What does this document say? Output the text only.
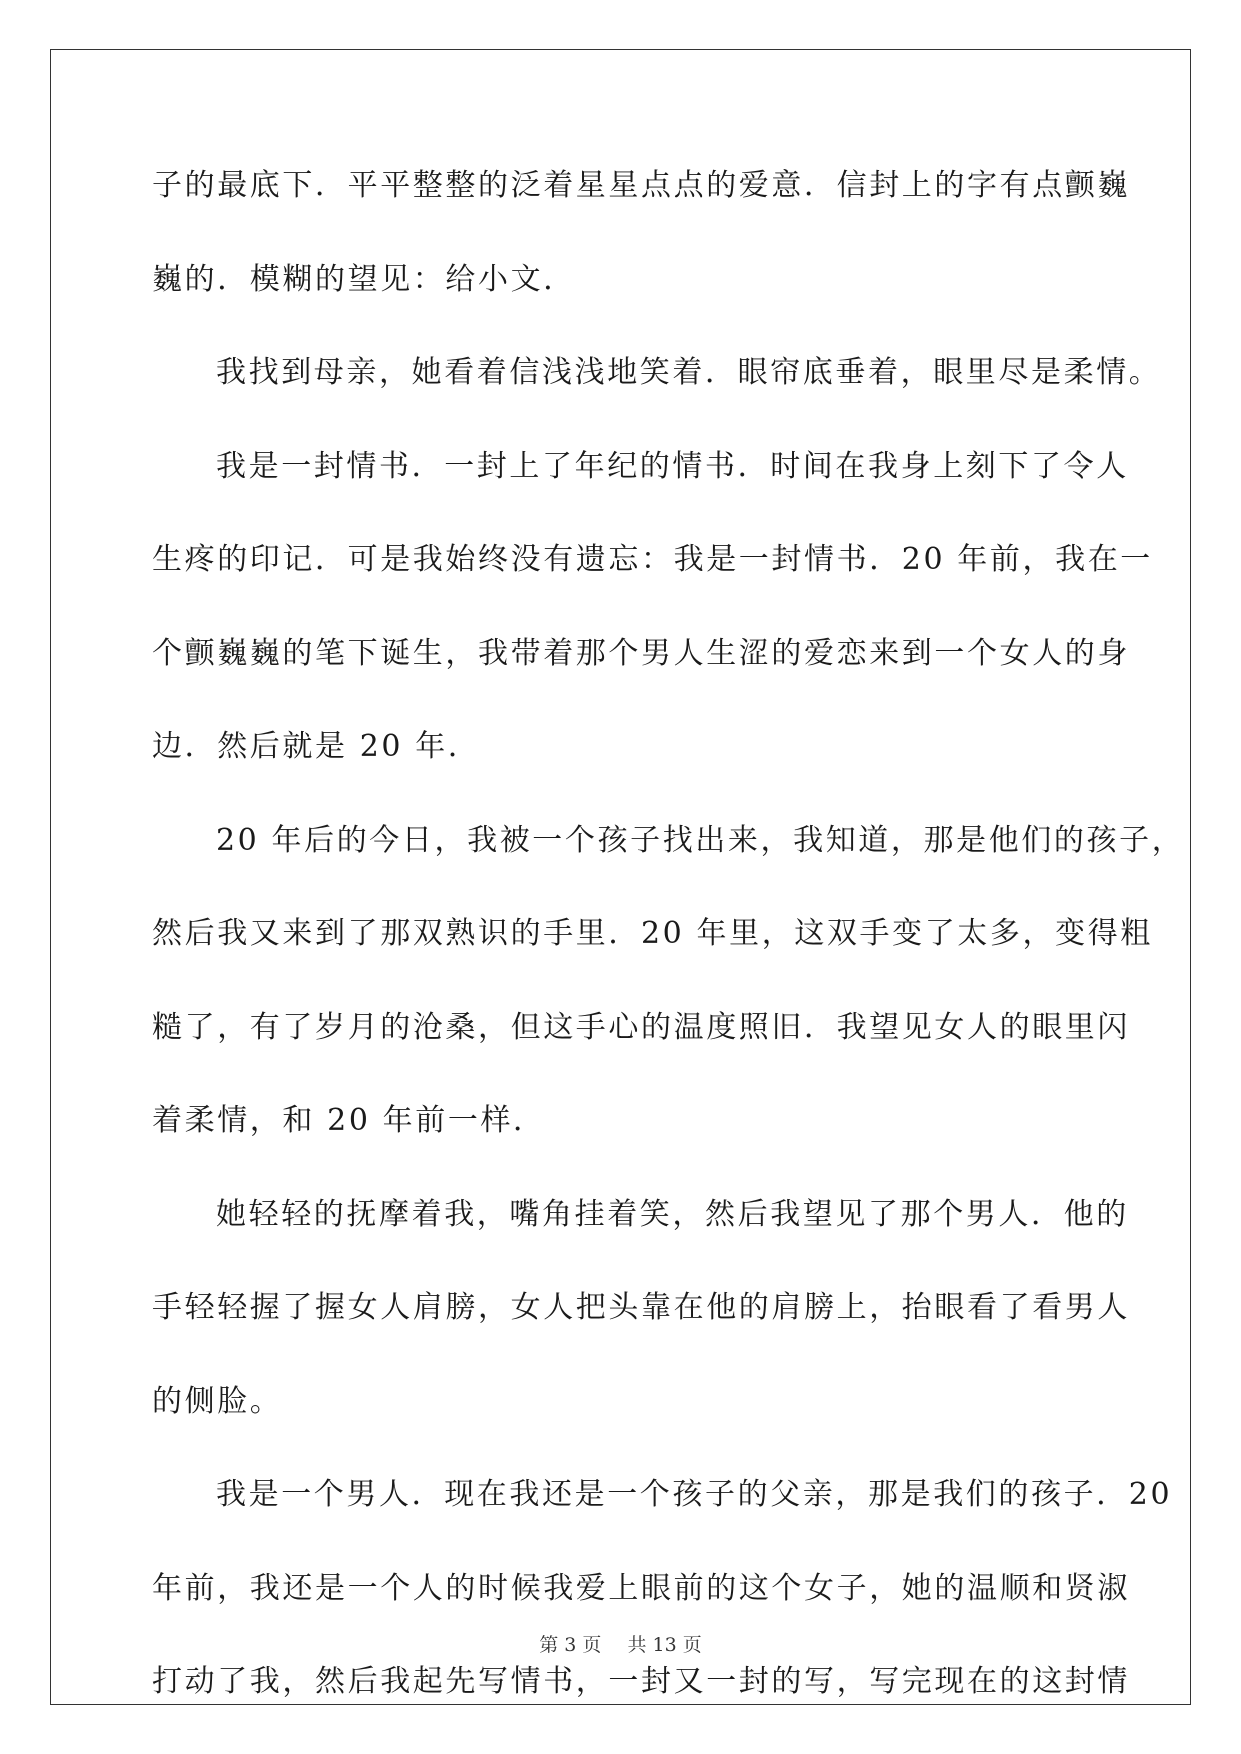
子的最底下．平平整整的泛着星星点点的爱意．信封上的字有点颤巍
巍的．模糊的望见：给小文．
我找到母亲，她看着信浅浅地笑着．眼帘底垂着，眼里尽是柔情。
我是一封情书．一封上了年纪的情书．时间在我身上刻下了令人
生疼的印记．可是我始终没有遗忘：我是一封情书．20 年前，我在一
个颤巍巍的笔下诞生，我带着那个男人生涩的爱恋来到一个女人的身
边．然后就是 20 年．
20 年后的今日，我被一个孩子找出来，我知道，那是他们的孩子，
然后我又来到了那双熟识的手里．20 年里，这双手变了太多，变得粗
糙了，有了岁月的沧桑，但这手心的温度照旧．我望见女人的眼里闪
着柔情，和 20 年前一样．
她轻轻的抚摩着我，嘴角挂着笑，然后我望见了那个男人．他的
手轻轻握了握女人肩膀，女人把头靠在他的肩膀上，抬眼看了看男人
的侧脸。
我是一个男人．现在我还是一个孩子的父亲，那是我们的孩子．20
年前，我还是一个人的时候我爱上眼前的这个女子，她的温顺和贤淑
打动了我，然后我起先写情书，一封又一封的写，写完现在的这封情
第 3 页 共 13 页
